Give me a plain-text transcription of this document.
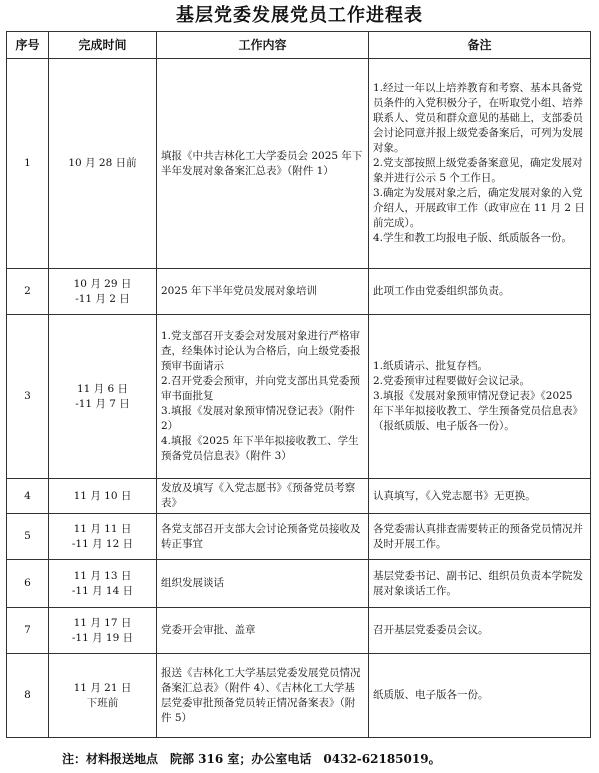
基层党委发展党员工作进程表
序号	完成时间	工作内容	备注
1	10 月 28 日前	填报《中共吉林化工大学委员会 2025 年下半年发展对象备案汇总表》（附件 1）	1.经过一年以上培养教育和考察、基本具备党员条件的入党积极分子，在听取党小组、培养联系人、党员和群众意见的基础上，支部委员会讨论同意并报上级党委备案后，可列为发展对象。
2.党支部按照上级党委备案意见，确定发展对象并进行公示 5 个工作日。
3.确定为发展对象之后，确定发展对象的入党介绍人，开展政审工作（政审应在 11 月 2 日前完成）。
4.学生和教工均报电子版、纸质版各一份。

2	10 月 29 日
-11 月 2 日	2025 年下半年党员发展对象培训	此项工作由党委组织部负责。

3	11 月 6 日
-11 月 7 日	1.党支部召开支委会对发展对象进行严格审查，经集体讨论认为合格后，向上级党委报预审书面请示
2.召开党委会预审，并向党支部出具党委预审书面批复
3.填报《发展对象预审情况登记表》（附件 2）
4.填报《2025 年下半年拟接收教工、学生预备党员信息表》（附件 3）	1.纸质请示、批复存档。
2.党委预审过程要做好会议记录。
3.填报《发展对象预审情况登记表》《2025 年下半年拟接收教工、学生预备党员信息表》（报纸质版、电子版各一份）。

4	11 月 10 日	发放及填写《入党志愿书》《预备党员考察表》	认真填写，《入党志愿书》无更换。

5	11 月 11 日
-11 月 12 日	各党支部召开支部大会讨论预备党员接收及转正事宜	各党委需认真排查需要转正的预备党员情况并及时开展工作。

6	11 月 13 日
-11 月 14 日	组织发展谈话	基层党委书记、副书记、组织员负责本学院发展对象谈话工作。

7	11 月 17 日
-11 月 19 日	党委开会审批、盖章	召开基层党委委员会议。

8	11 月 21 日
下班前	报送《吉林化工大学基层党委发展党员情况备案汇总表》（附件 4）、《吉林化工大学基层党委审批预备党员转正情况备案表》（附件 5）	纸质版、电子版各一份。
注：材料报送地点　院部 316 室；办公室电话　0432-62185019。
